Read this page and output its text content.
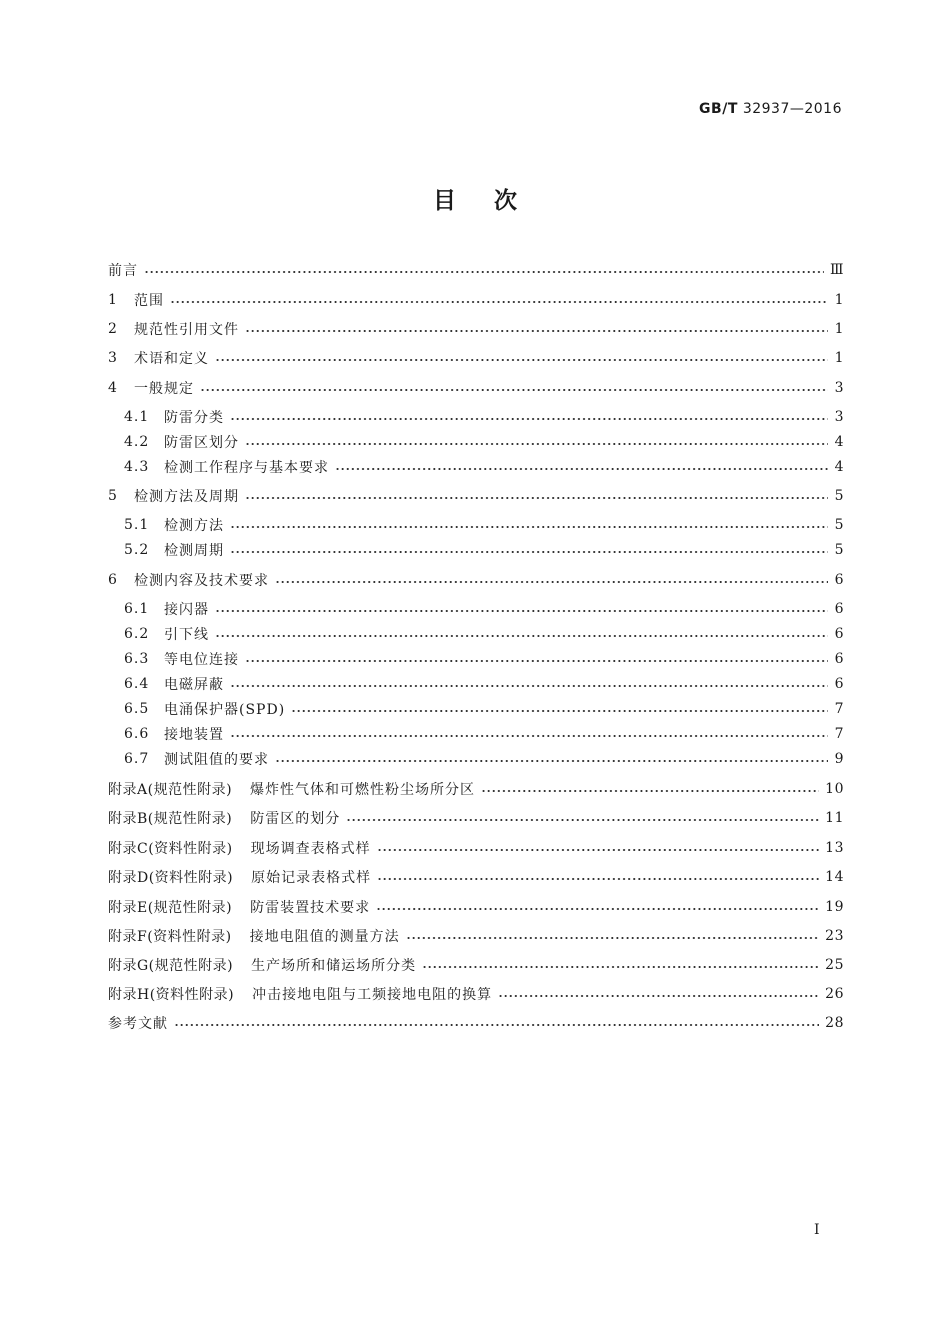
GB/T 32937—2016
目次
前言	Ⅲ
1	范围	1
2	规范性引用文件	1
3	术语和定义	1
4	一般规定	3
4.1	防雷分类	3
4.2	防雷区划分	4
4.3	检测工作程序与基本要求	4
5	检测方法及周期	5
5.1	检测方法	5
5.2	检测周期	5
6	检测内容及技术要求	6
6.1	接闪器	6
6.2	引下线	6
6.3	等电位连接	6
6.4	电磁屏蔽	6
6.5	电涌保护器(SPD)	7
6.6	接地装置	7
6.7	测试阻值的要求	9
附录A(规范性附录) 爆炸性气体和可燃性粉尘场所分区	10
附录B(规范性附录) 防雷区的划分	11
附录C(资料性附录) 现场调查表格式样	13
附录D(资料性附录) 原始记录表格式样	14
附录E(规范性附录) 防雷装置技术要求	19
附录F(资料性附录) 接地电阻值的测量方法	23
附录G(规范性附录) 生产场所和储运场所分类	25
附录H(资料性附录) 冲击接地电阻与工频接地电阻的换算	26
参考文献	28
I
